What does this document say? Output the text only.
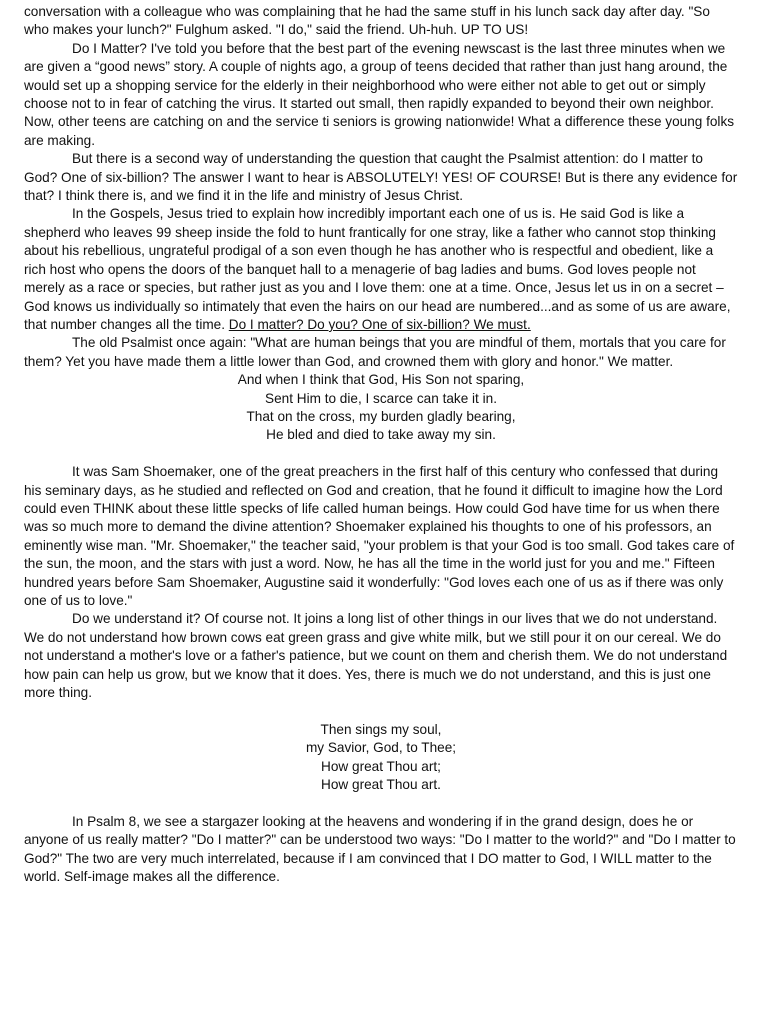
conversation with a colleague who was complaining that he had the same stuff in his lunch sack day after day. "So who makes your lunch?" Fulghum asked. "I do," said the friend. Uh-huh. UP TO US!

Do I Matter? I've told you before that the best part of the evening newscast is the last three minutes when we are given a “good news” story. A couple of nights ago, a group of teens decided that rather than just hang around, the would set up a shopping service for the elderly in their neighborhood who were either not able to get out or simply choose not to in fear of catching the virus. It started out small, then rapidly expanded to beyond their own neighbor. Now, other teens are catching on and the service ti seniors is growing nationwide! What a difference these young folks are making.

But there is a second way of understanding the question that caught the Psalmist attention: do I matter to God? One of six-billion? The answer I want to hear is ABSOLUTELY! YES! OF COURSE! But is there any evidence for that? I think there is, and we find it in the life and ministry of Jesus Christ.

In the Gospels, Jesus tried to explain how incredibly important each one of us is. He said God is like a shepherd who leaves 99 sheep inside the fold to hunt frantically for one stray, like a father who cannot stop thinking about his rebellious, ungrateful prodigal of a son even though he has another who is respectful and obedient, like a rich host who opens the doors of the banquet hall to a menagerie of bag ladies and bums. God loves people not merely as a race or species, but rather just as you and I love them: one at a time. Once, Jesus let us in on a secret – God knows us individually so intimately that even the hairs on our head are numbered...and as some of us are aware, that number changes all the time. Do I matter? Do you? One of six-billion? We must.

The old Psalmist once again: "What are human beings that you are mindful of them, mortals that you care for them? Yet you have made them a little lower than God, and crowned them with glory and honor." We matter.

And when I think that God, His Son not sparing,
Sent Him to die, I scarce can take it in.
That on the cross, my burden gladly bearing,
He bled and died to take away my sin.

It was Sam Shoemaker, one of the great preachers in the first half of this century who confessed that during his seminary days, as he studied and reflected on God and creation, that he found it difficult to imagine how the Lord could even THINK about these little specks of life called human beings. How could God have time for us when there was so much more to demand the divine attention? Shoemaker explained his thoughts to one of his professors, an eminently wise man. "Mr. Shoemaker," the teacher said, "your problem is that your God is too small. God takes care of the sun, the moon, and the stars with just a word. Now, he has all the time in the world just for you and me." Fifteen hundred years before Sam Shoemaker, Augustine said it wonderfully: "God loves each one of us as if there was only one of us to love."

Do we understand it? Of course not. It joins a long list of other things in our lives that we do not understand. We do not understand how brown cows eat green grass and give white milk, but we still pour it on our cereal. We do not understand a mother's love or a father's patience, but we count on them and cherish them. We do not understand how pain can help us grow, but we know that it does. Yes, there is much we do not understand, and this is just one more thing.

Then sings my soul,
my Savior, God, to Thee;
How great Thou art;
How great Thou art.

In Psalm 8, we see a stargazer looking at the heavens and wondering if in the grand design, does he or anyone of us really matter? "Do I matter?" can be understood two ways: "Do I matter to the world?" and "Do I matter to God?" The two are very much interrelated, because if I am convinced that I DO matter to God, I WILL matter to the world. Self-image makes all the difference.
